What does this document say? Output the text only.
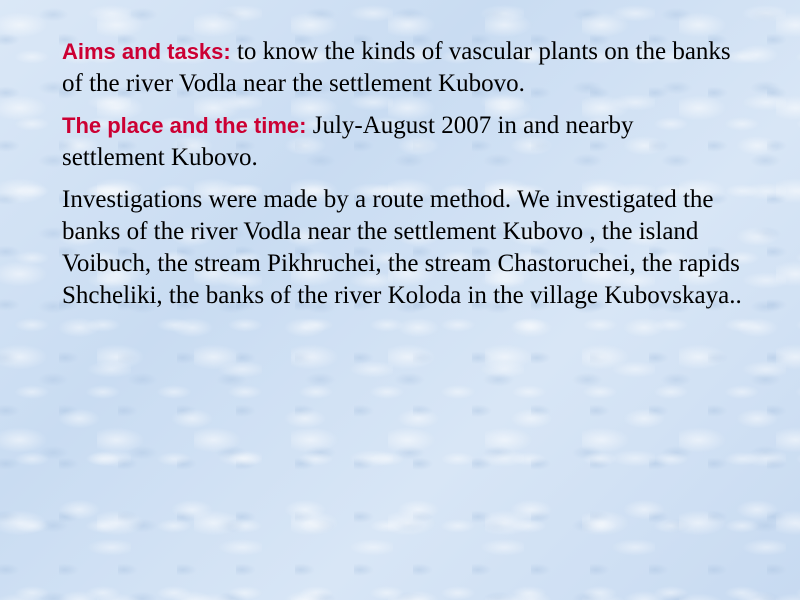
Aims and tasks: to know the kinds of vascular plants on the banks of the river Vodla near the settlement Kubovo.

The place and the time: July-August 2007 in and nearby settlement Kubovo.

Investigations were made by a route method. We investigated the banks of the river Vodla near the settlement Kubovo , the island Voibuch, the stream Pikhruchei, the stream Chastoruchei, the rapids Shcheliki, the banks of the river Koloda in the village Kubovskaya..
